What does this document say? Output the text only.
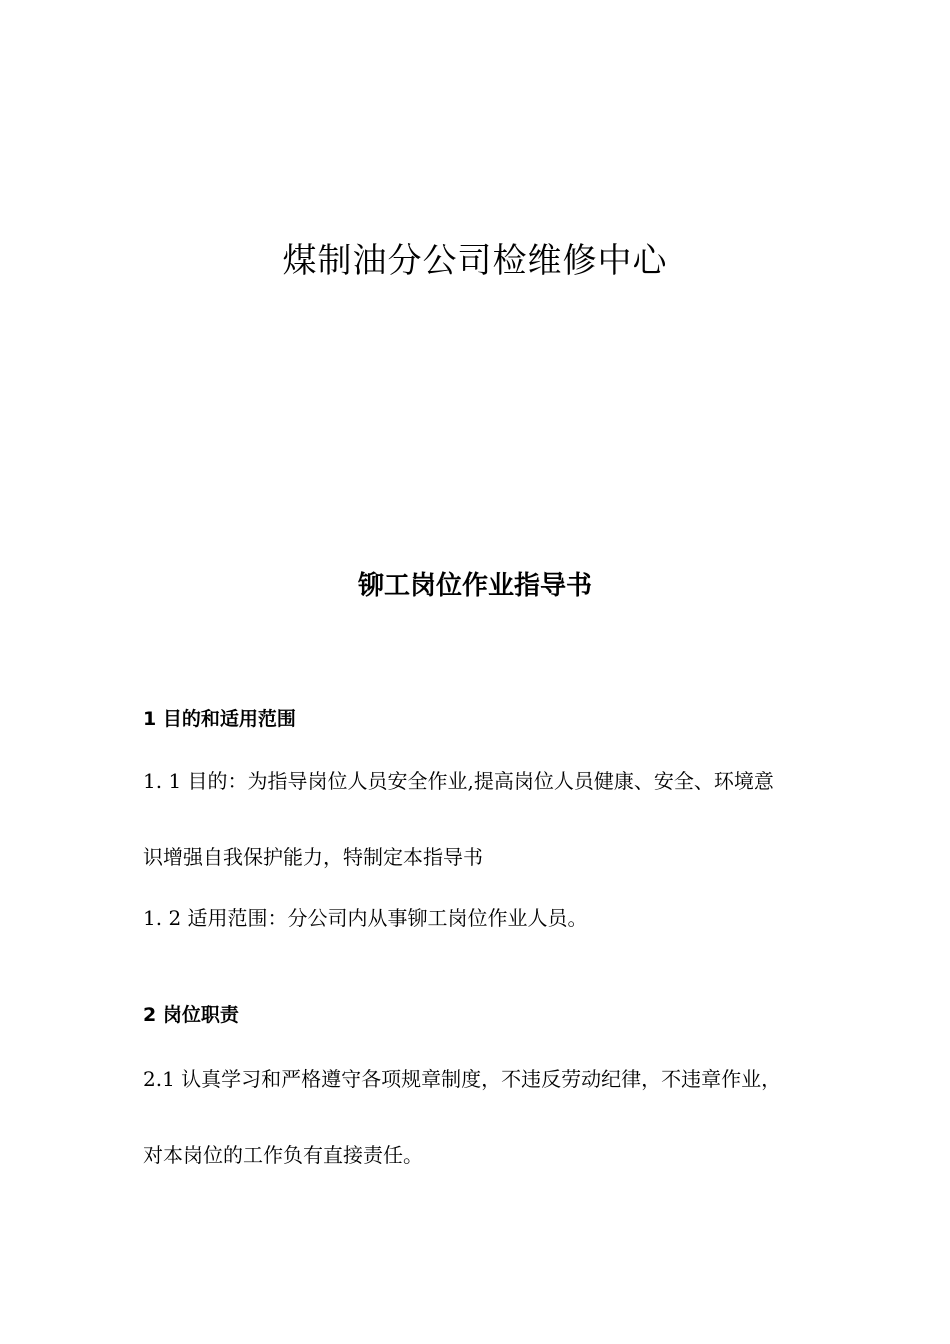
煤制油分公司检维修中心
铆工岗位作业指导书

1 目的和适用范围

1. 1 目的：为指导岗位人员安全作业,提高岗位人员健康、安全、环境意

识增强自我保护能力，特制定本指导书

1. 2 适用范围：分公司内从事铆工岗位作业人员。

2 岗位职责

2.1 认真学习和严格遵守各项规章制度，不违反劳动纪律，不违章作业，

对本岗位的工作负有直接责任。
